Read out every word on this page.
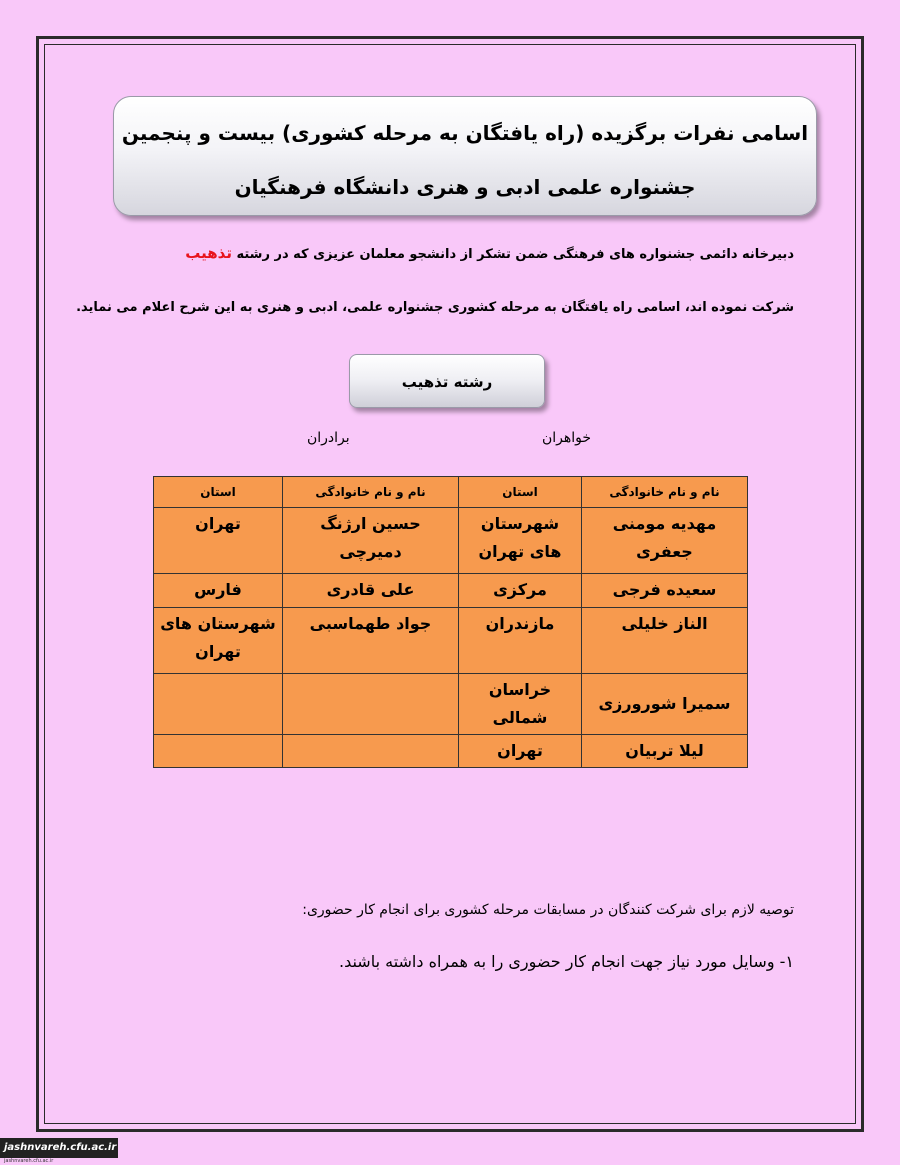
اسامی نفرات برگزیده (راه یافتگان به مرحله کشوری) بیست و پنجمین
جشنواره علمی ادبی و هنری دانشگاه فرهنگیان
دبیرخانه دائمی جشنواره های فرهنگی ضمن تشکر از دانشجو معلمان عزیزی که در رشته تذهیب
شرکت نموده اند، اسامی راه یافتگان به مرحله کشوری جشنواره علمی، ادبی و هنری به این شرح اعلام می نماید.
رشته تذهیب
خواهران
برادران
نام و نام خانوادگی	استان	نام و نام خانوادگی	استان
مهدیه مومنی جعفری	شهرستان های تهران	حسین ارژنگ دمیرچی	تهران
سعیده فرجی	مرکزی	علی قادری	فارس
الناز خلیلی	مازندران	جواد طهماسبی	شهرستان های تهران
سمیرا شورورزی	خراسان شمالی		
لیلا تربیان	تهران		
توصیه لازم برای شرکت کنندگان در مسابقات مرحله کشوری برای انجام کار حضوری:
۱- وسایل مورد نیاز جهت انجام کار حضوری را به همراه داشته باشند.
jashnvareh.cfu.ac.ir
jashnvareh.cfu.ac.ir
